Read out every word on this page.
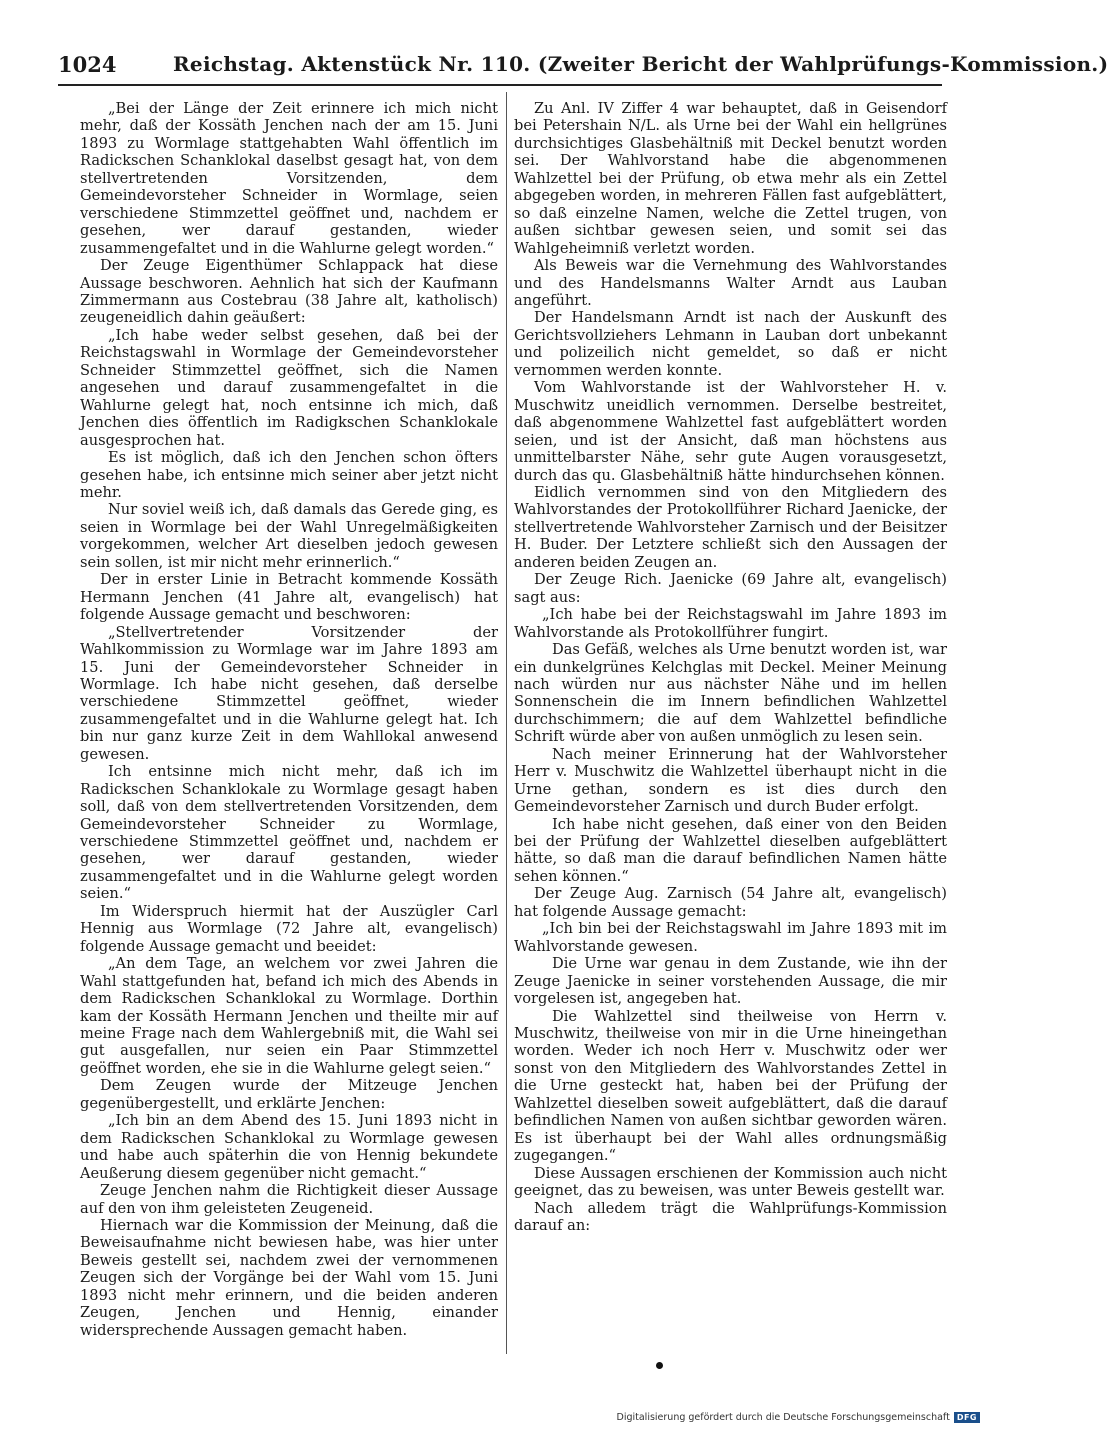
1024	Reichstag. Aktenstück Nr. 110. (Zweiter Bericht der Wahlprüfungs-Kommission.)

„Bei der Länge der Zeit erinnere ich mich nicht mehr, daß der Kossäth Jenchen nach der am 15. Juni 1893 zu Wormlage stattgehabten Wahl öffentlich im Radickschen Schanklokal daselbst gesagt hat, von dem stellvertretenden Vorsitzenden, dem Gemeindevorsteher Schneider in Wormlage, seien verschiedene Stimmzettel geöffnet und, nachdem er gesehen, wer darauf gestanden, wieder zusammengefaltet und in die Wahlurne gelegt worden.“

Der Zeuge Eigenthümer Schlappack hat diese Aussage beschworen. Aehnlich hat sich der Kaufmann Zimmermann aus Costebrau (38 Jahre alt, katholisch) zeugeneidlich dahin geäußert:

„Ich habe weder selbst gesehen, daß bei der Reichstagswahl in Wormlage der Gemeindevorsteher Schneider Stimmzettel geöffnet, sich die Namen angesehen und darauf zusammengefaltet in die Wahlurne gelegt hat, noch entsinne ich mich, daß Jenchen dies öffentlich im Radigkschen Schanklokale ausgesprochen hat.

Es ist möglich, daß ich den Jenchen schon öfters gesehen habe, ich entsinne mich seiner aber jetzt nicht mehr.

Nur soviel weiß ich, daß damals das Gerede ging, es seien in Wormlage bei der Wahl Unregelmäßigkeiten vorgekommen, welcher Art dieselben jedoch gewesen sein sollen, ist mir nicht mehr erinnerlich.“

Der in erster Linie in Betracht kommende Kossäth Hermann Jenchen (41 Jahre alt, evangelisch) hat folgende Aussage gemacht und beschworen:

„Stellvertretender Vorsitzender der Wahlkommission zu Wormlage war im Jahre 1893 am 15. Juni der Gemeindevorsteher Schneider in Wormlage. Ich habe nicht gesehen, daß derselbe verschiedene Stimmzettel geöffnet, wieder zusammengefaltet und in die Wahlurne gelegt hat. Ich bin nur ganz kurze Zeit in dem Wahllokal anwesend gewesen.

Ich entsinne mich nicht mehr, daß ich im Radickschen Schanklokale zu Wormlage gesagt haben soll, daß von dem stellvertretenden Vorsitzenden, dem Gemeindevorsteher Schneider zu Wormlage, verschiedene Stimmzettel geöffnet und, nachdem er gesehen, wer darauf gestanden, wieder zusammengefaltet und in die Wahlurne gelegt worden seien.“

Im Widerspruch hiermit hat der Auszügler Carl Hennig aus Wormlage (72 Jahre alt, evangelisch) folgende Aussage gemacht und beeidet:

„An dem Tage, an welchem vor zwei Jahren die Wahl stattgefunden hat, befand ich mich des Abends in dem Radickschen Schanklokal zu Wormlage. Dorthin kam der Kossäth Hermann Jenchen und theilte mir auf meine Frage nach dem Wahlergebniß mit, die Wahl sei gut ausgefallen, nur seien ein Paar Stimmzettel geöffnet worden, ehe sie in die Wahlurne gelegt seien.“

Dem Zeugen wurde der Mitzeuge Jenchen gegenübergestellt, und erklärte Jenchen:

„Ich bin an dem Abend des 15. Juni 1893 nicht in dem Radickschen Schanklokal zu Wormlage gewesen und habe auch späterhin die von Hennig bekundete Aeußerung diesem gegenüber nicht gemacht.“

Zeuge Jenchen nahm die Richtigkeit dieser Aussage auf den von ihm geleisteten Zeugeneid.

Hiernach war die Kommission der Meinung, daß die Beweisaufnahme nicht bewiesen habe, was hier unter Beweis gestellt sei, nachdem zwei der vernommenen Zeugen sich der Vorgänge bei der Wahl vom 15. Juni 1893 nicht mehr erinnern, und die beiden anderen Zeugen, Jenchen und Hennig, einander widersprechende Aussagen gemacht haben.

Zu Anl. IV Ziffer 4 war behauptet, daß in Geisendorf bei Petershain N/L. als Urne bei der Wahl ein hellgrünes durchsichtiges Glasbehältniß mit Deckel benutzt worden sei. Der Wahlvorstand habe die abgenommenen Wahlzettel bei der Prüfung, ob etwa mehr als ein Zettel abgegeben worden, in mehreren Fällen fast aufgeblättert, so daß einzelne Namen, welche die Zettel trugen, von außen sichtbar gewesen seien, und somit sei das Wahlgeheimniß verletzt worden.

Als Beweis war die Vernehmung des Wahlvorstandes und des Handelsmanns Walter Arndt aus Lauban angeführt.

Der Handelsmann Arndt ist nach der Auskunft des Gerichtsvollziehers Lehmann in Lauban dort unbekannt und polizeilich nicht gemeldet, so daß er nicht vernommen werden konnte.

Vom Wahlvorstande ist der Wahlvorsteher H. v. Muschwitz uneidlich vernommen. Derselbe bestreitet, daß abgenommene Wahlzettel fast aufgeblättert worden seien, und ist der Ansicht, daß man höchstens aus unmittelbarster Nähe, sehr gute Augen vorausgesetzt, durch das qu. Glasbehältniß hätte hindurchsehen können.

Eidlich vernommen sind von den Mitgliedern des Wahlvorstandes der Protokollführer Richard Jaenicke, der stellvertretende Wahlvorsteher Zarnisch und der Beisitzer H. Buder. Der Letztere schließt sich den Aussagen der anderen beiden Zeugen an.

Der Zeuge Rich. Jaenicke (69 Jahre alt, evangelisch) sagt aus:

„Ich habe bei der Reichstagswahl im Jahre 1893 im Wahlvorstande als Protokollführer fungirt.

Das Gefäß, welches als Urne benutzt worden ist, war ein dunkelgrünes Kelchglas mit Deckel. Meiner Meinung nach würden nur aus nächster Nähe und im hellen Sonnenschein die im Innern befindlichen Wahlzettel durchschimmern; die auf dem Wahlzettel befindliche Schrift würde aber von außen unmöglich zu lesen sein.

Nach meiner Erinnerung hat der Wahlvorsteher Herr v. Muschwitz die Wahlzettel überhaupt nicht in die Urne gethan, sondern es ist dies durch den Gemeindevorsteher Zarnisch und durch Buder erfolgt.

Ich habe nicht gesehen, daß einer von den Beiden bei der Prüfung der Wahlzettel dieselben aufgeblättert hätte, so daß man die darauf befindlichen Namen hätte sehen können.“

Der Zeuge Aug. Zarnisch (54 Jahre alt, evangelisch) hat folgende Aussage gemacht:

„Ich bin bei der Reichstagswahl im Jahre 1893 mit im Wahlvorstande gewesen.

Die Urne war genau in dem Zustande, wie ihn der Zeuge Jaenicke in seiner vorstehenden Aussage, die mir vorgelesen ist, angegeben hat.

Die Wahlzettel sind theilweise von Herrn v. Muschwitz, theilweise von mir in die Urne hineingethan worden. Weder ich noch Herr v. Muschwitz oder wer sonst von den Mitgliedern des Wahlvorstandes Zettel in die Urne gesteckt hat, haben bei der Prüfung der Wahlzettel dieselben soweit aufgeblättert, daß die darauf befindlichen Namen von außen sichtbar geworden wären. Es ist überhaupt bei der Wahl alles ordnungsmäßig zugegangen.“

Diese Aussagen erschienen der Kommission auch nicht geeignet, das zu beweisen, was unter Beweis gestellt war.

Nach alledem trägt die Wahlprüfungs-Kommission darauf an:

Digitalisierung gefördert durch die Deutsche Forschungsgemeinschaft DFG
